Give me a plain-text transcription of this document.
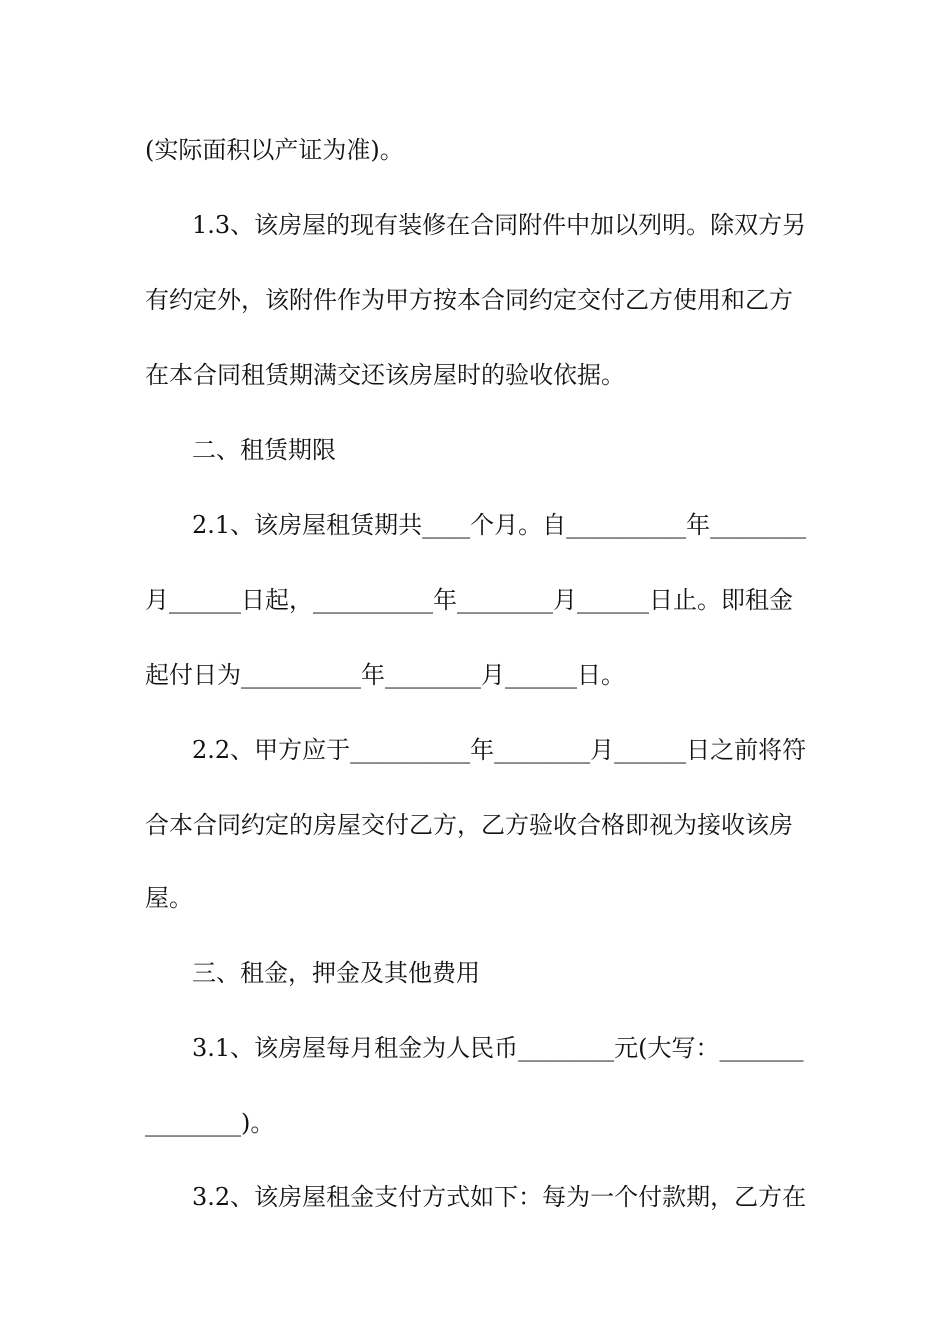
(实际面积以产证为准)。
1.3、该房屋的现有装修在合同附件中加以列明。除双方另
有约定外，该附件作为甲方按本合同约定交付乙方使用和乙方
在本合同租赁期满交还该房屋时的验收依据。
二、租赁期限
2.1、该房屋租赁期共____个月。自__________年________
月______日起，__________年________月______日止。即租金
起付日为__________年________月______日。
2.2、甲方应于__________年________月______日之前将符
合本合同约定的房屋交付乙方，乙方验收合格即视为接收该房
屋。
三、租金，押金及其他费用
3.1、该房屋每月租金为人民币________元(大写：_______
________)。
3.2、该房屋租金支付方式如下：每为一个付款期，乙方在
